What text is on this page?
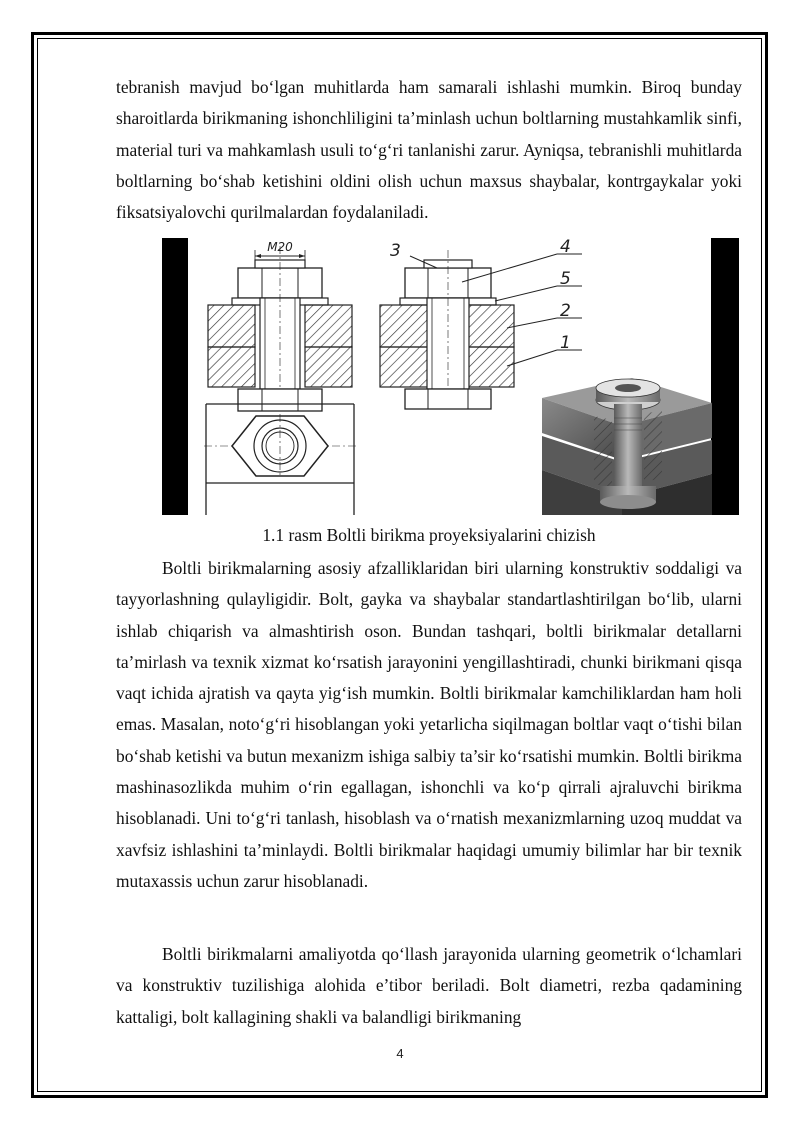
tebranish mavjud bo‘lgan muhitlarda ham samarali ishlashi mumkin. Biroq bunday sharoitlarda birikmaning ishonchliligini ta’minlash uchun boltlarning mustahkamlik sinfi, material turi va mahkamlash usuli to‘g‘ri tanlanishi zarur. Ayniqsa, tebranishli muhitlarda boltlarning bo‘shab ketishini oldini olish uchun maxsus shaybalar, kontrgaykalar yoki fiksatsiyalovchi qurilmalardan foydalaniladi.

M20	3	4
5
2
1
1.1 rasm Boltli birikma proyeksiyalarini chizish

Boltli birikmalarning asosiy afzalliklaridan biri ularning konstruktiv soddaligi va tayyorlashning qulayligidir. Bolt, gayka va shaybalar standartlashtirilgan bo‘lib, ularni ishlab chiqarish va almashtirish oson. Bundan tashqari, boltli birikmalar detallarni ta’mirlash va texnik xizmat ko‘rsatish jarayonini yengillashtiradi, chunki birikmani qisqa vaqt ichida ajratish va qayta yig‘ish mumkin. Boltli birikmalar kamchiliklardan ham holi emas. Masalan, noto‘g‘ri hisoblangan yoki yetarlicha siqilmagan boltlar vaqt o‘tishi bilan bo‘shab ketishi va butun mexanizm ishiga salbiy ta’sir ko‘rsatishi mumkin. Boltli birikma mashinasozlikda muhim o‘rin egallagan, ishonchli va ko‘p qirrali ajraluvchi birikma hisoblanadi. Uni to‘g‘ri tanlash, hisoblash va o‘rnatish mexanizmlarning uzoq muddat va xavfsiz ishlashini ta’minlaydi. Boltli birikmalar haqidagi umumiy bilimlar har bir texnik mutaxassis uchun zarur hisoblanadi.

Boltli birikmalarni amaliyotda qo‘llash jarayonida ularning geometrik o‘lchamlari va konstruktiv tuzilishiga alohida e’tibor beriladi. Bolt diametri, rezba qadamining kattaligi, bolt kallagining shakli va balandligi birikmaning

4
